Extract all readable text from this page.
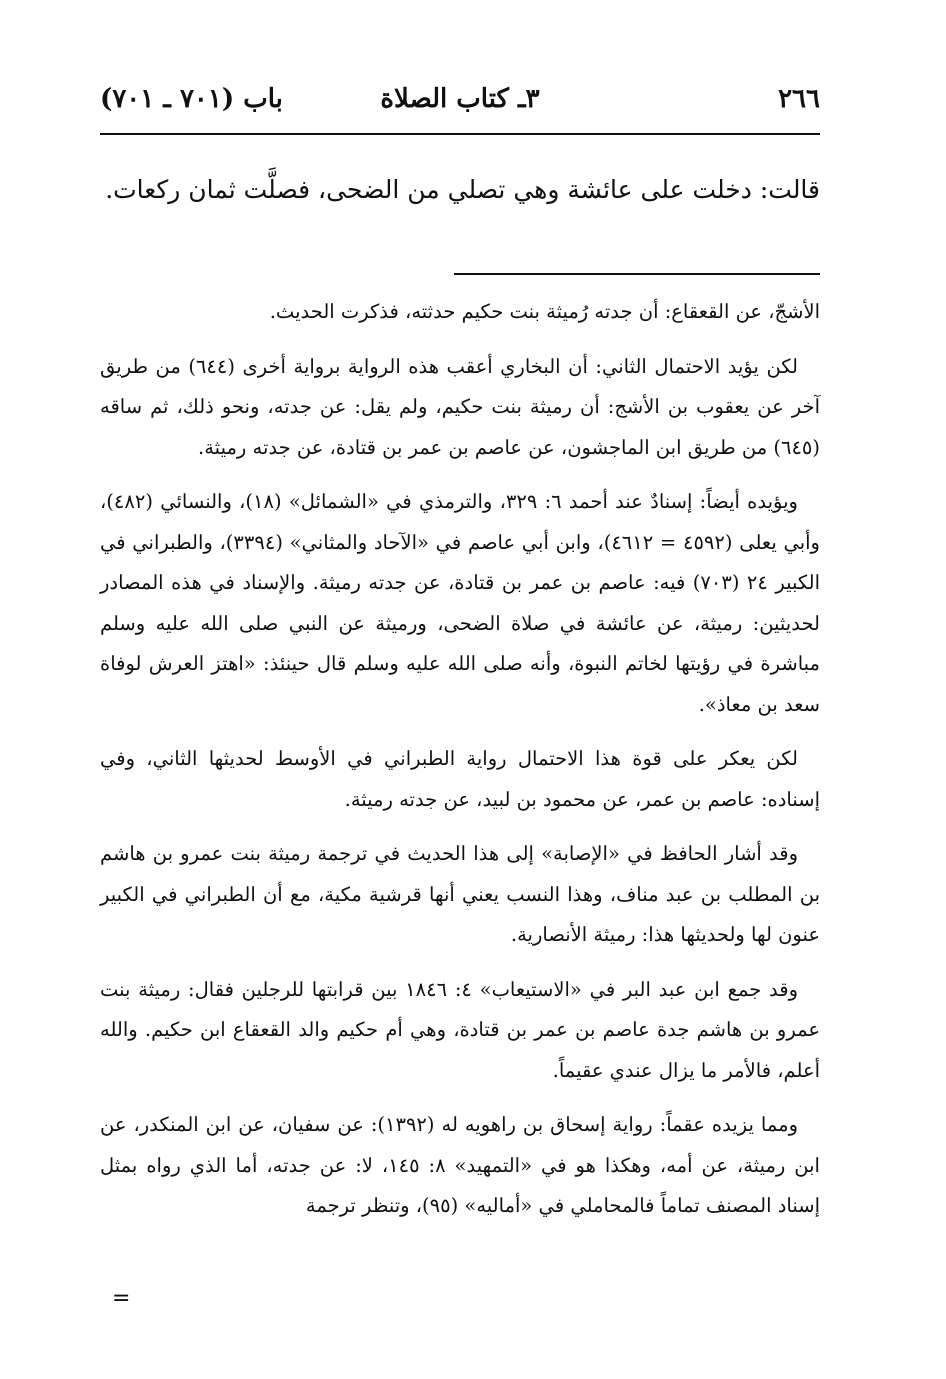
٢٦٦
٣ـ كتاب الصلاة
باب (٧٠١ ـ ٧٠١)
قالت: دخلت على عائشة وهي تصلي من الضحى، فصلَّت ثمان ركعات.

الأشجّ، عن القعقاع: أن جدته رُميثة بنت حكيم حدثته، فذكرت الحديث.

لكن يؤيد الاحتمال الثاني: أن البخاري أعقب هذه الرواية برواية أخرى (٦٤٤) من طريق آخر عن يعقوب بن الأشج: أن رميثة بنت حكيم، ولم يقل: عن جدته، ونحو ذلك، ثم ساقه (٦٤٥) من طريق ابن الماجشون، عن عاصم بن عمر بن قتادة، عن جدته رميثة.

ويؤيده أيضاً: إسنادٌ عند أحمد ٦: ٣٢٩، والترمذي في «الشمائل» (١٨)، والنسائي (٤٨٢)، وأبي يعلى (٤٥٩٢ = ٤٦١٢)، وابن أبي عاصم في «الآحاد والمثاني» (٣٣٩٤)، والطبراني في الكبير ٢٤ (٧٠٣) فيه: عاصم بن عمر بن قتادة، عن جدته رميثة. والإسناد في هذه المصادر لحديثين: رميثة، عن عائشة في صلاة الضحى، ورميثة عن النبي صلى الله عليه وسلم مباشرة في رؤيتها لخاتم النبوة، وأنه صلى الله عليه وسلم قال حينئذ: «اهتز العرش لوفاة سعد بن معاذ».

لكن يعكر على قوة هذا الاحتمال رواية الطبراني في الأوسط لحديثها الثاني، وفي إسناده: عاصم بن عمر، عن محمود بن لبيد، عن جدته رميثة.

وقد أشار الحافظ في «الإصابة» إلى هذا الحديث في ترجمة رميثة بنت عمرو بن هاشم بن المطلب بن عبد مناف، وهذا النسب يعني أنها قرشية مكية، مع أن الطبراني في الكبير عنون لها ولحديثها هذا: رميثة الأنصارية.

وقد جمع ابن عبد البر في «الاستيعاب» ٤: ١٨٤٦ بين قرابتها للرجلين فقال: رميثة بنت عمرو بن هاشم جدة عاصم بن عمر بن قتادة، وهي أم حكيم والد القعقاع ابن حكيم. والله أعلم، فالأمر ما يزال عندي عقيماً.

ومما يزيده عقماً: رواية إسحاق بن راهويه له (١٣٩٢): عن سفيان، عن ابن المنكدر، عن ابن رميثة، عن أمه، وهكذا هو في «التمهيد» ٨: ١٤٥، لا: عن جدته، أما الذي رواه بمثل إسناد المصنف تماماً فالمحاملي في «أماليه» (٩٥)، وتنظر ترجمة

=
